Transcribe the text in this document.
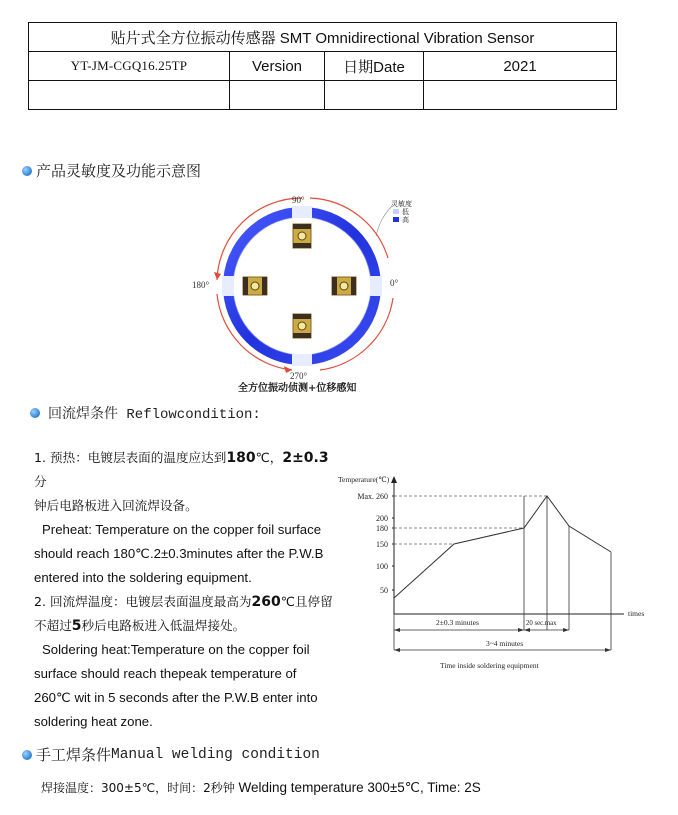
贴片式全方位振动传感器 SMT Omnidirectional Vibration Sensor			
YT-JM-CGQ16.25TP	Version	日期Date	2021

产品灵敏度及功能示意图
90°
180°	0°
270°
灵敏度
低
高
全方位振动侦测+位移感知
回流焊条件 Reflowcondition:
1. 预热：电镀层表面的温度应达到180℃，2±0.3分
钟后电路板进入回流焊设备。
Preheat: Temperature on the copper foil surface should reach 180℃.2±0.3minutes after the P.W.B entered into the soldering equipment.
2. 回流焊温度：电镀层表面温度最高为260℃且停留
不超过5秒后电路板进入低温焊接处。
Soldering heat:Temperature on the copper foil surface should reach thepeak temperature of 260℃ wit in 5 seconds after the P.W.B enter into soldering heat zone.
Temperature(℃)
times
Max. 260
200
180
150
100
50
2±0.3 minutes	20 sec.max
3~4 minutes
Time inside soldering equipment
手工焊条件 Manual welding condition
焊接温度：300±5℃，时间：2秒钟 Welding temperature 300±5℃, Time: 2S
